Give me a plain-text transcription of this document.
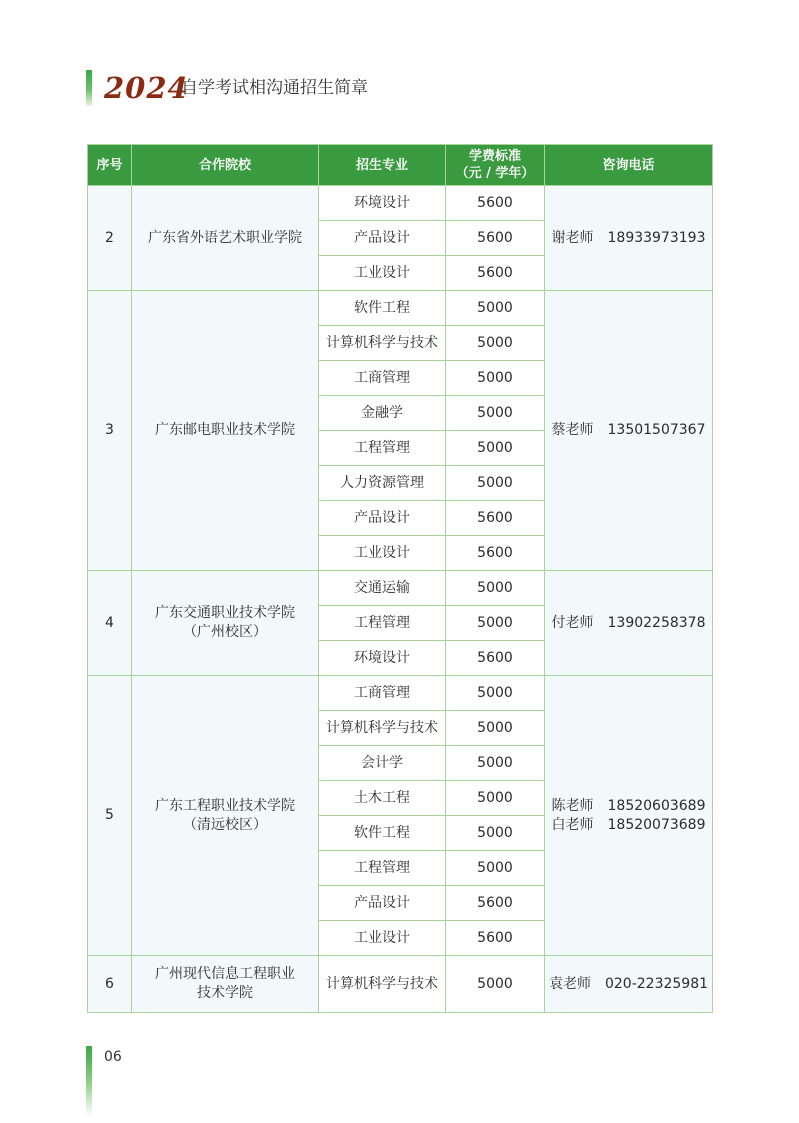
2024
自学考试相沟通招生简章
序号	合作院校	招生专业	学费标准
（元 / 学年）	咨询电话
2	广东省外语艺术职业学院	环境设计	5600	谢老师　18933973193

		产品设计	5600	
		工业设计	5600	
3	广东邮电职业技术学院	软件工程	5000	蔡老师　13501507367

		计算机科学与技术	5000	
		工商管理	5000	
		金融学	5000	
		工程管理	5000	
		人力资源管理	5000	
		产品设计	5600	
		工业设计	5600	
4	广东交通职业技术学院
（广州校区）	交通运输	5000	付老师　13902258378

		工程管理	5000	
		环境设计	5600	
5	广东工程职业技术学院
（清远校区）	工商管理	5000	陈老师　18520603689
白老师　18520073689

		计算机科学与技术	5000	
		会计学	5000	
		土木工程	5000	
		软件工程	5000	
		工程管理	5000	
		产品设计	5600	
		工业设计	5600	
6	广州现代信息工程职业
技术学院	计算机科学与技术	5000	袁老师　020-22325981
06
